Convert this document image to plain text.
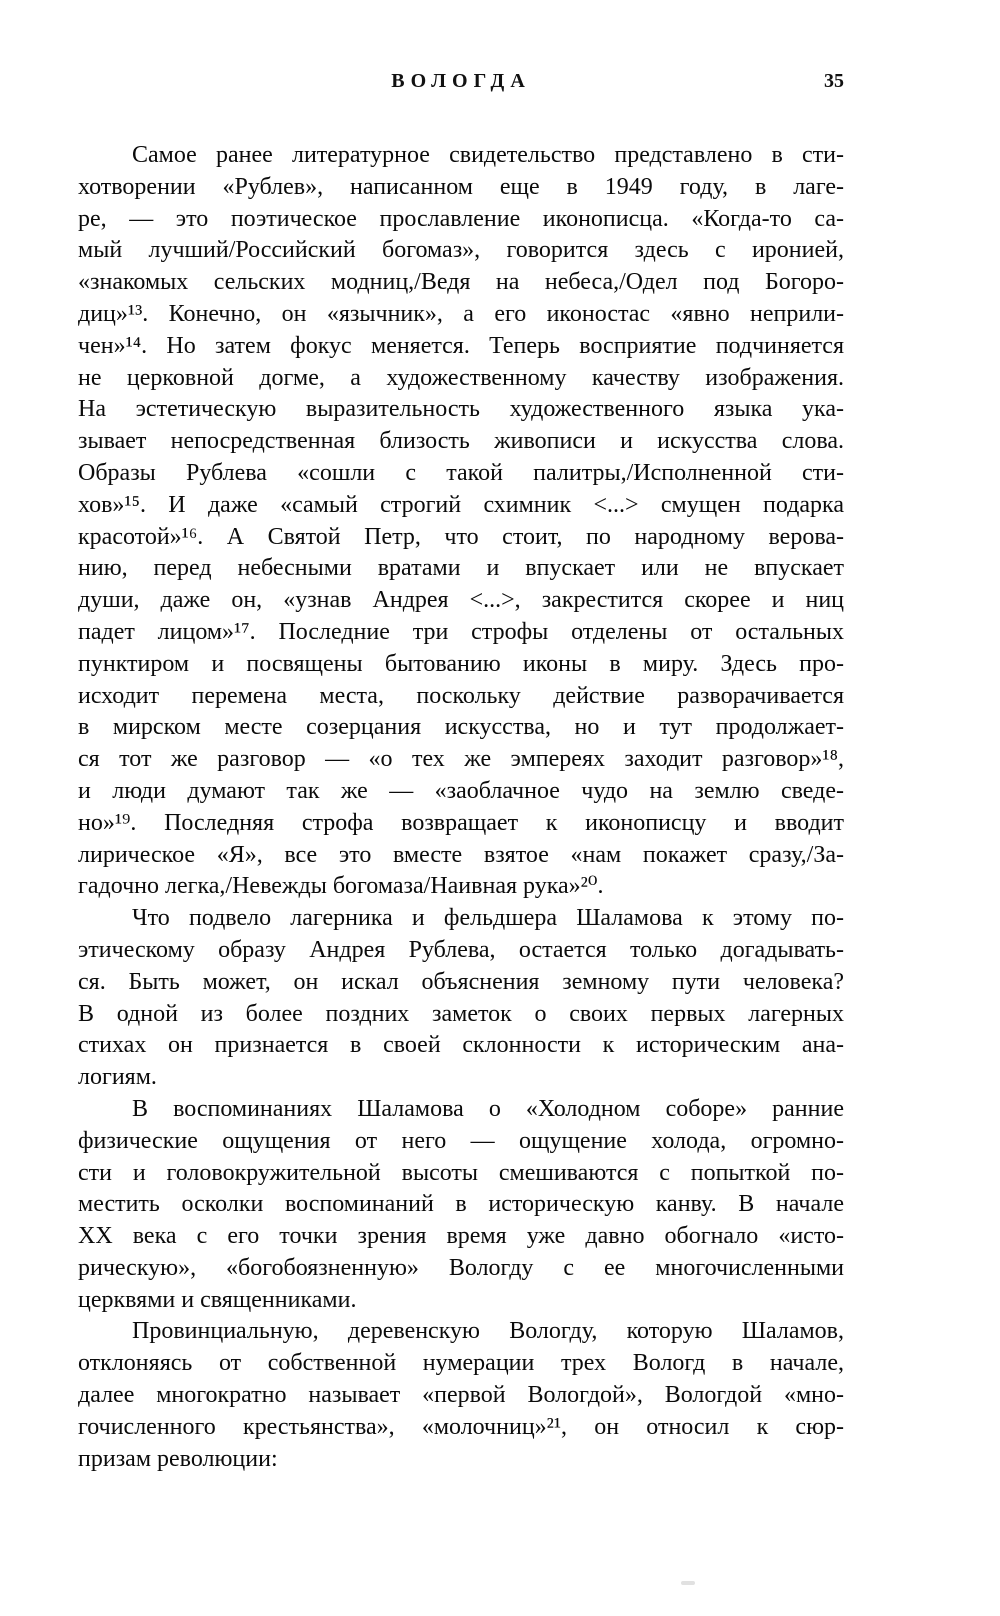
ВОЛОГДА	35
Самое ранее литературное свидетельство представлено в сти-
хотворении «Рублев», написанном еще в 1949 году, в лаге-
ре, — это поэтическое прославление иконописца. «Когда-то са-
мый лучший/Российский богомаз», говорится здесь с иронией,
«знакомых сельских модниц,/Ведя на небеса,/Одел под Богоро-
диц»¹³. Конечно, он «язычник», а его иконостас «явно неприли-
чен»¹⁴. Но затем фокус меняется. Теперь восприятие подчиняется
не церковной догме, а художественному качеству изображения.
На эстетическую выразительность художественного языка ука-
зывает непосредственная близость живописи и искусства слова.
Образы Рублева «сошли с такой палитры,/Исполненной сти-
хов»¹⁵. И даже «самый строгий схимник <...> смущен подарка
красотой»¹⁶. А Святой Петр, что стоит, по народному верова-
нию, перед небесными вратами и впускает или не впускает
души, даже он, «узнав Андрея <...>, закрестится скорее и ниц
падет лицом»¹⁷. Последние три строфы отделены от остальных
пунктиром и посвящены бытованию иконы в миру. Здесь про-
исходит перемена места, поскольку действие разворачивается
в мирском месте созерцания искусства, но и тут продолжает-
ся тот же разговор — «о тех же эмпереях заходит разговор»¹⁸,
и люди думают так же — «заоблачное чудо на землю сведе-
но»¹⁹. Последняя строфа возвращает к иконописцу и вводит
лирическое «Я», все это вместе взятое «нам покажет сразу,/За-
гадочно легка,/Невежды богомаза/Наивная рука»²⁰.
Что подвело лагерника и фельдшера Шаламова к этому по-
этическому образу Андрея Рублева, остается только догадывать-
ся. Быть может, он искал объяснения земному пути человека?
В одной из более поздних заметок о своих первых лагерных
стихах он признается в своей склонности к историческим ана-
логиям.
В воспоминаниях Шаламова о «Холодном соборе» ранние
физические ощущения от него — ощущение холода, огромно-
сти и головокружительной высоты смешиваются с попыткой по-
местить осколки воспоминаний в историческую канву. В начале
ХХ века с его точки зрения время уже давно обогнало «исто-
рическую», «богобоязненную» Вологду с ее многочисленными
церквями и священниками.
Провинциальную, деревенскую Вологду, которую Шаламов,
отклоняясь от собственной нумерации трех Вологд в начале,
далее многократно называет «первой Вологдой», Вологдой «мно-
гочисленного крестьянства», «молочниц»²¹, он относил к сюр-
призам революции:
